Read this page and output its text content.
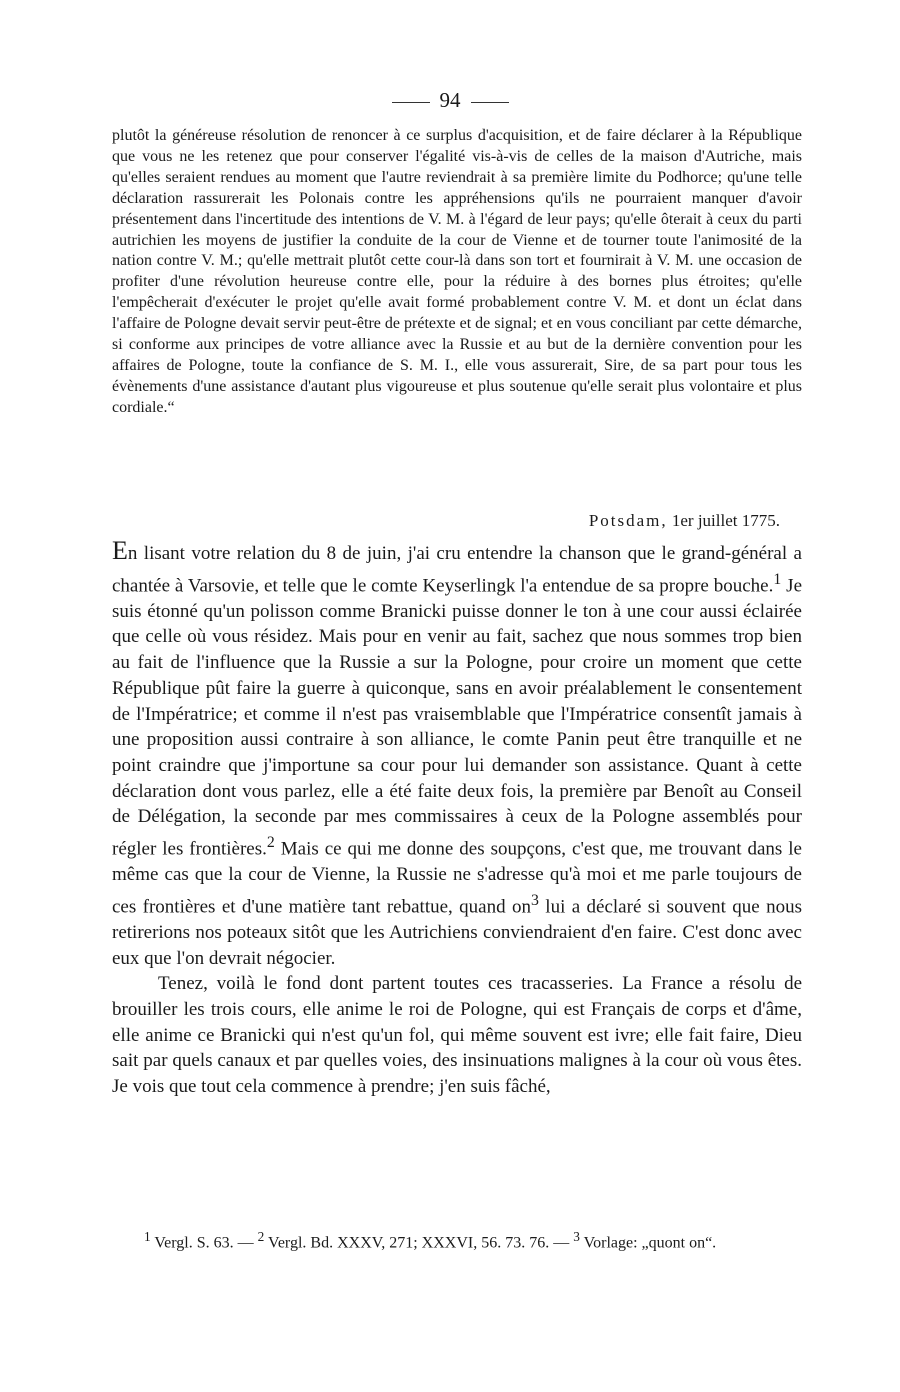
94

plutôt la généreuse résolution de renoncer à ce surplus d'acquisition, et de faire déclarer à la République que vous ne les retenez que pour conserver l'égalité vis-à-vis de celles de la maison d'Autriche, mais qu'elles seraient rendues au moment que l'autre reviendrait à sa première limite du Podhorce; qu'une telle déclaration rassurerait les Polonais contre les appréhensions qu'ils ne pourraient manquer d'avoir présentement dans l'incertitude des intentions de V. M. à l'égard de leur pays; qu'elle ôterait à ceux du parti autrichien les moyens de justifier la conduite de la cour de Vienne et de tourner toute l'animosité de la nation contre V. M.; qu'elle mettrait plutôt cette cour-là dans son tort et fournirait à V. M. une occasion de profiter d'une révolution heureuse contre elle, pour la réduire à des bornes plus étroites; qu'elle l'empêcherait d'exécuter le projet qu'elle avait formé probablement contre V. M. et dont un éclat dans l'affaire de Pologne devait servir peut-être de prétexte et de signal; et en vous conciliant par cette démarche, si conforme aux principes de votre alliance avec la Russie et au but de la dernière convention pour les affaires de Pologne, toute la confiance de S. M. I., elle vous assurerait, Sire, de sa part pour tous les évènements d'une assistance d'autant plus vigoureuse et plus soutenue qu'elle serait plus volontaire et plus cordiale.“

Potsdam, 1er juillet 1775.

En lisant votre relation du 8 de juin, j'ai cru entendre la chanson que le grand-général a chantée à Varsovie, et telle que le comte Keyserlingk l'a entendue de sa propre bouche.$^1$ Je suis étonné qu'un polisson comme Branicki puisse donner le ton à une cour aussi éclairée que celle où vous résidez. Mais pour en venir au fait, sachez que nous sommes trop bien au fait de l'influence que la Russie a sur la Pologne, pour croire un moment que cette République pût faire la guerre à quiconque, sans en avoir préalablement le consentement de l'Impératrice; et comme il n'est pas vraisemblable que l'Impératrice consentît jamais à une proposition aussi contraire à son alliance, le comte Panin peut être tranquille et ne point craindre que j'importune sa cour pour lui demander son assistance. Quant à cette déclaration dont vous parlez, elle a été faite deux fois, la première par Benoît au Conseil de Délégation, la seconde par mes commissaires à ceux de la Pologne assemblés pour régler les frontières.$^2$ Mais ce qui me donne des soupçons, c'est que, me trouvant dans le même cas que la cour de Vienne, la Russie ne s'adresse qu'à moi et me parle toujours de ces frontières et d'une matière tant rebattue, quand $on^3$ lui a déclaré si souvent que nous retirerions nos poteaux sitôt que les Autrichiens conviendraient d'en faire. C'est donc avec eux que l'on devrait négocier.

Tenez, voilà le fond dont partent toutes ces tracasseries. La France a résolu de brouiller les trois cours, elle anime le roi de Pologne, qui est Français de corps et d'âme, elle anime ce Branicki qui n'est qu'un fol, qui même souvent est ivre; elle fait faire, Dieu sait par quels canaux et par quelles voies, des insinuations malignes à la cour où vous êtes. Je vois que tout cela commence à prendre; j'en suis fâché,

$^1$ Vergl. S. 63. — $^2$ Vergl. Bd. XXXV, 271; XXXVI, 56. 73. 76. — $^3$ Vorlage: „quont on“.
